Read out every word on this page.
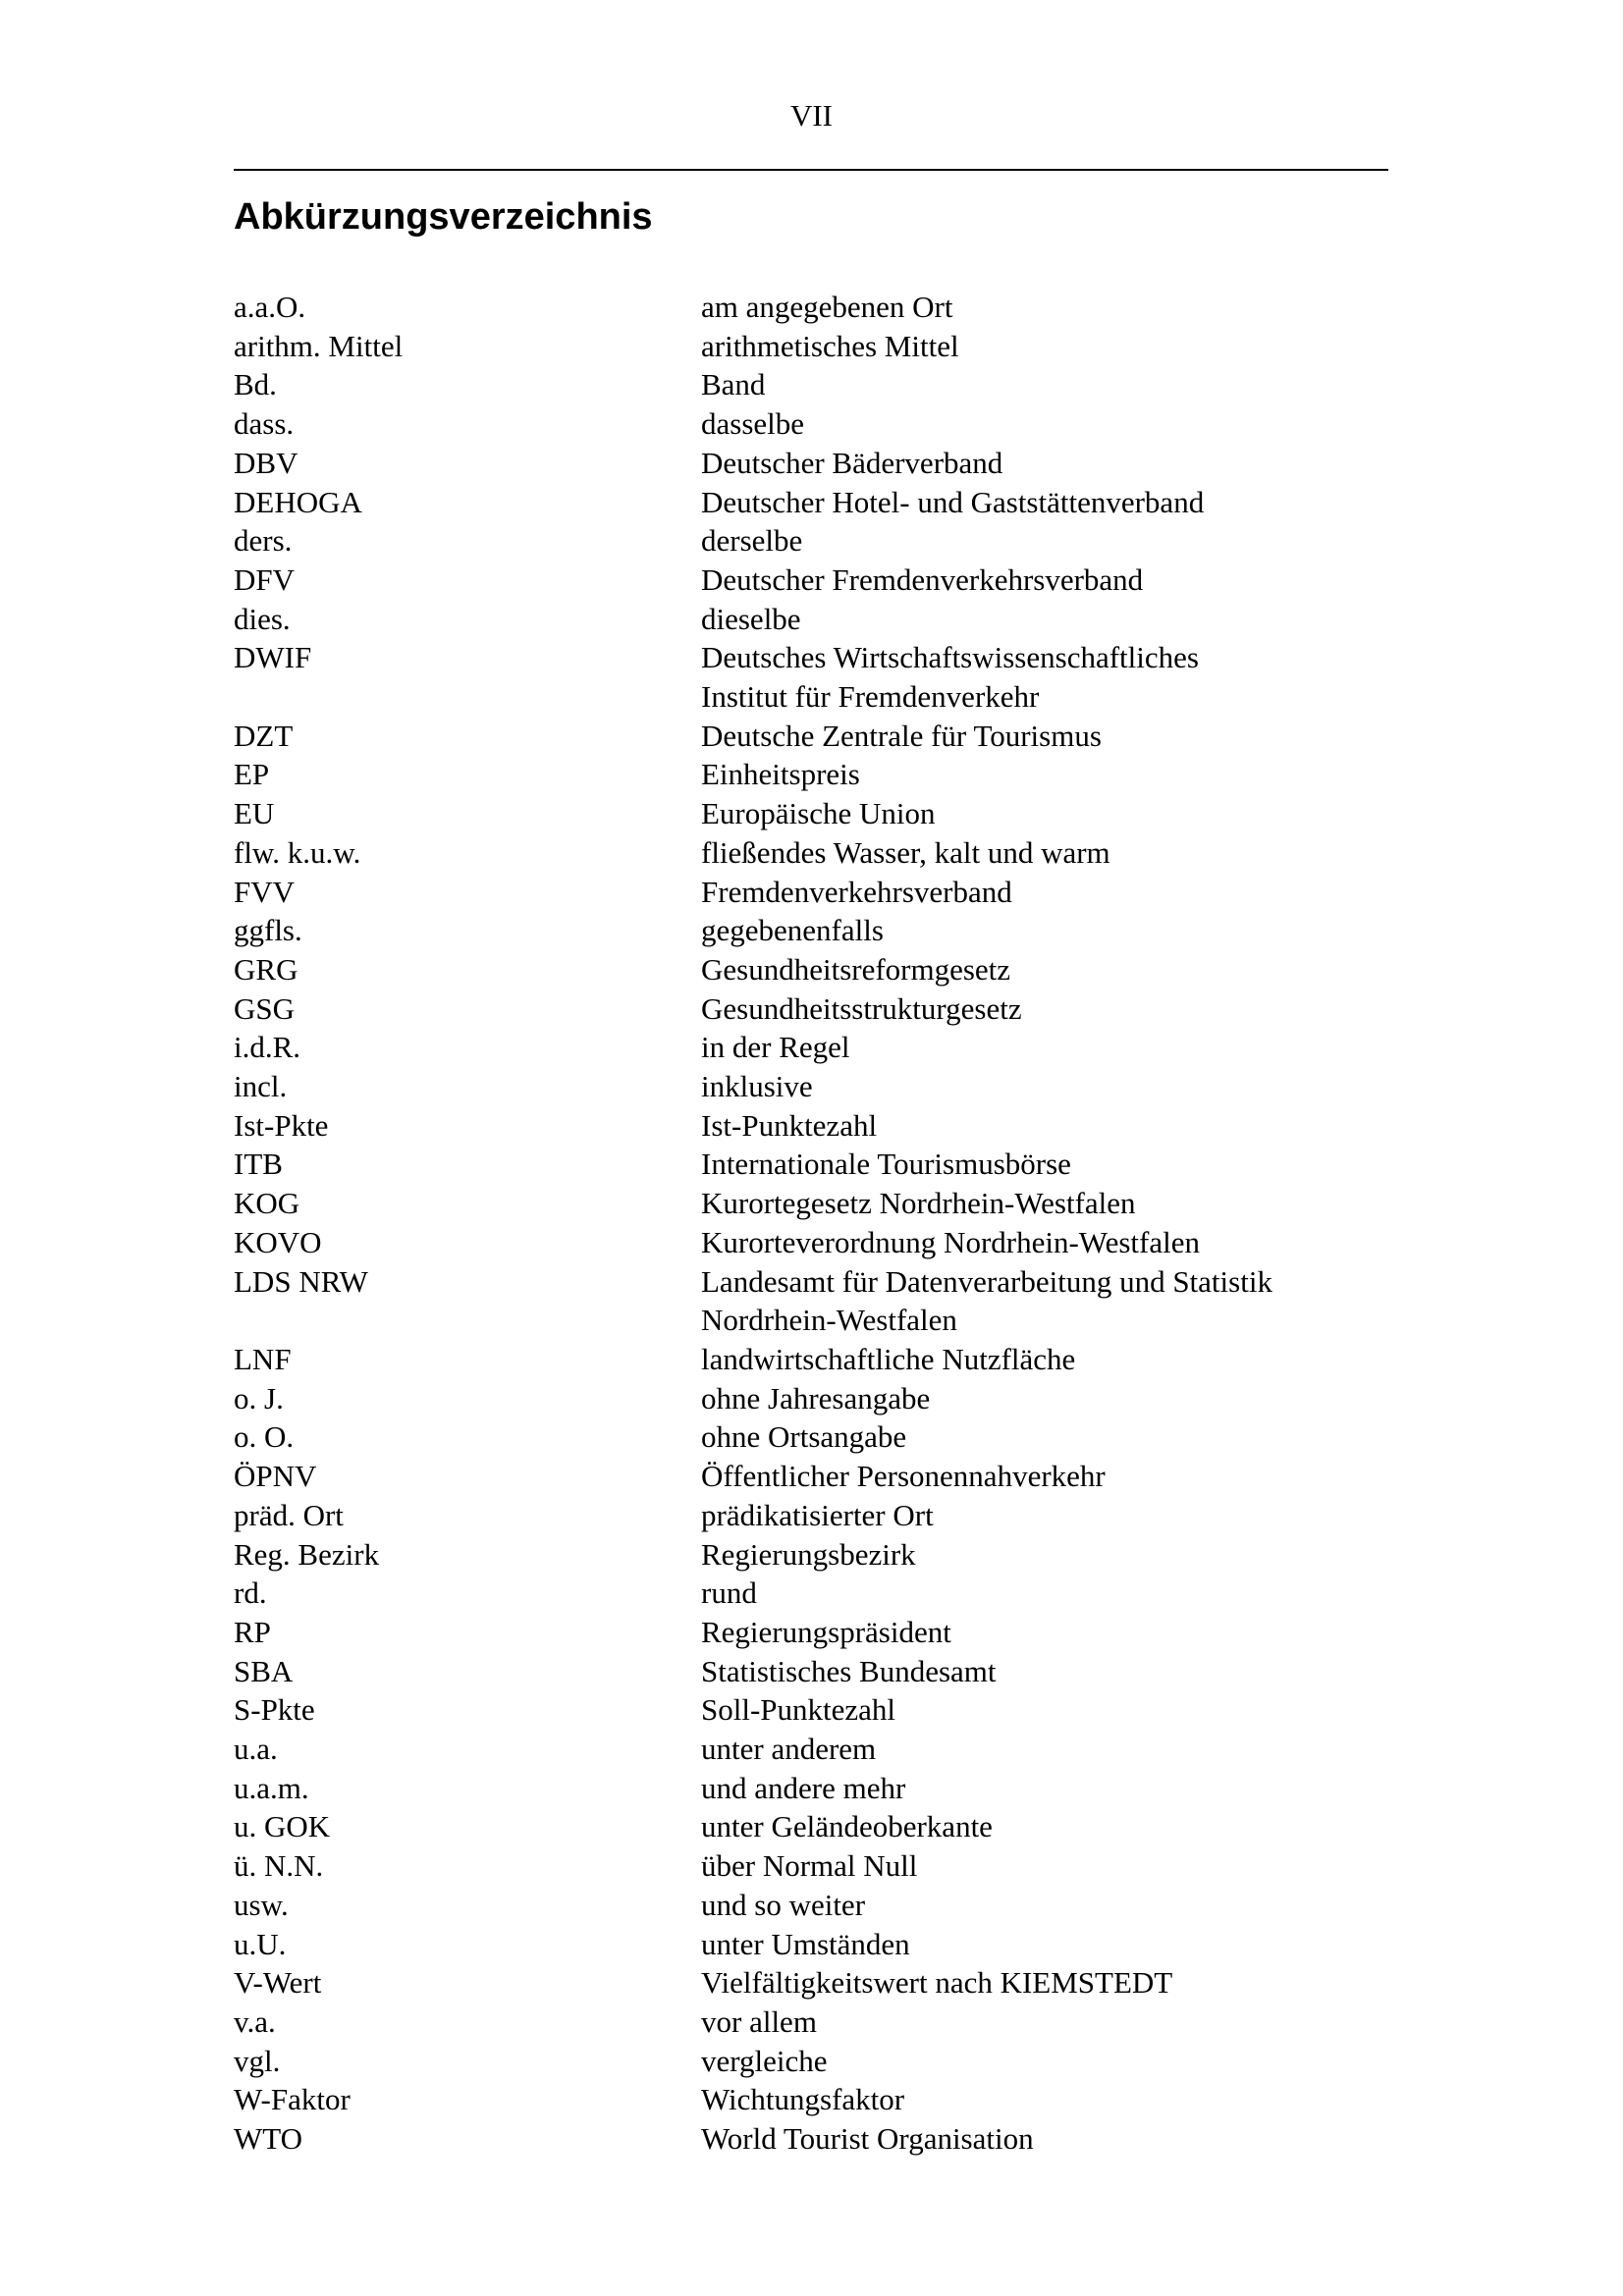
VII
Abkürzungsverzeichnis
a.a.O.	am angegebenen Ort
arithm. Mittel	arithmetisches Mittel
Bd.	Band
dass.	dasselbe
DBV	Deutscher Bäderverband
DEHOGA	Deutscher Hotel- und Gaststättenverband
ders.	derselbe
DFV	Deutscher Fremdenverkehrsverband
dies.	dieselbe
DWIF	Deutsches Wirtschaftswissenschaftliches
Institut für Fremdenverkehr
DZT	Deutsche Zentrale für Tourismus
EP	Einheitspreis
EU	Europäische Union
flw. k.u.w.	fließendes Wasser, kalt und warm
FVV	Fremdenverkehrsverband
ggfls.	gegebenenfalls
GRG	Gesundheitsreformgesetz
GSG	Gesundheitsstrukturgesetz
i.d.R.	in der Regel
incl.	inklusive
Ist-Pkte	Ist-Punktezahl
ITB	Internationale Tourismusbörse
KOG	Kurortegesetz Nordrhein-Westfalen
KOVO	Kurorteverordnung Nordrhein-Westfalen
LDS NRW	Landesamt für Datenverarbeitung und Statistik
Nordrhein-Westfalen
LNF	landwirtschaftliche Nutzfläche
o. J.	ohne Jahresangabe
o. O.	ohne Ortsangabe
ÖPNV	Öffentlicher Personennahverkehr
präd. Ort	prädikatisierter Ort
Reg. Bezirk	Regierungsbezirk
rd.	rund
RP	Regierungspräsident
SBA	Statistisches Bundesamt
S-Pkte	Soll-Punktezahl
u.a.	unter anderem
u.a.m.	und andere mehr
u. GOK	unter Geländeoberkante
ü. N.N.	über Normal Null
usw.	und so weiter
u.U.	unter Umständen
V-Wert	Vielfältigkeitswert nach KIEMSTEDT
v.a.	vor allem
vgl.	vergleiche
W-Faktor	Wichtungsfaktor
WTO	World Tourist Organisation
